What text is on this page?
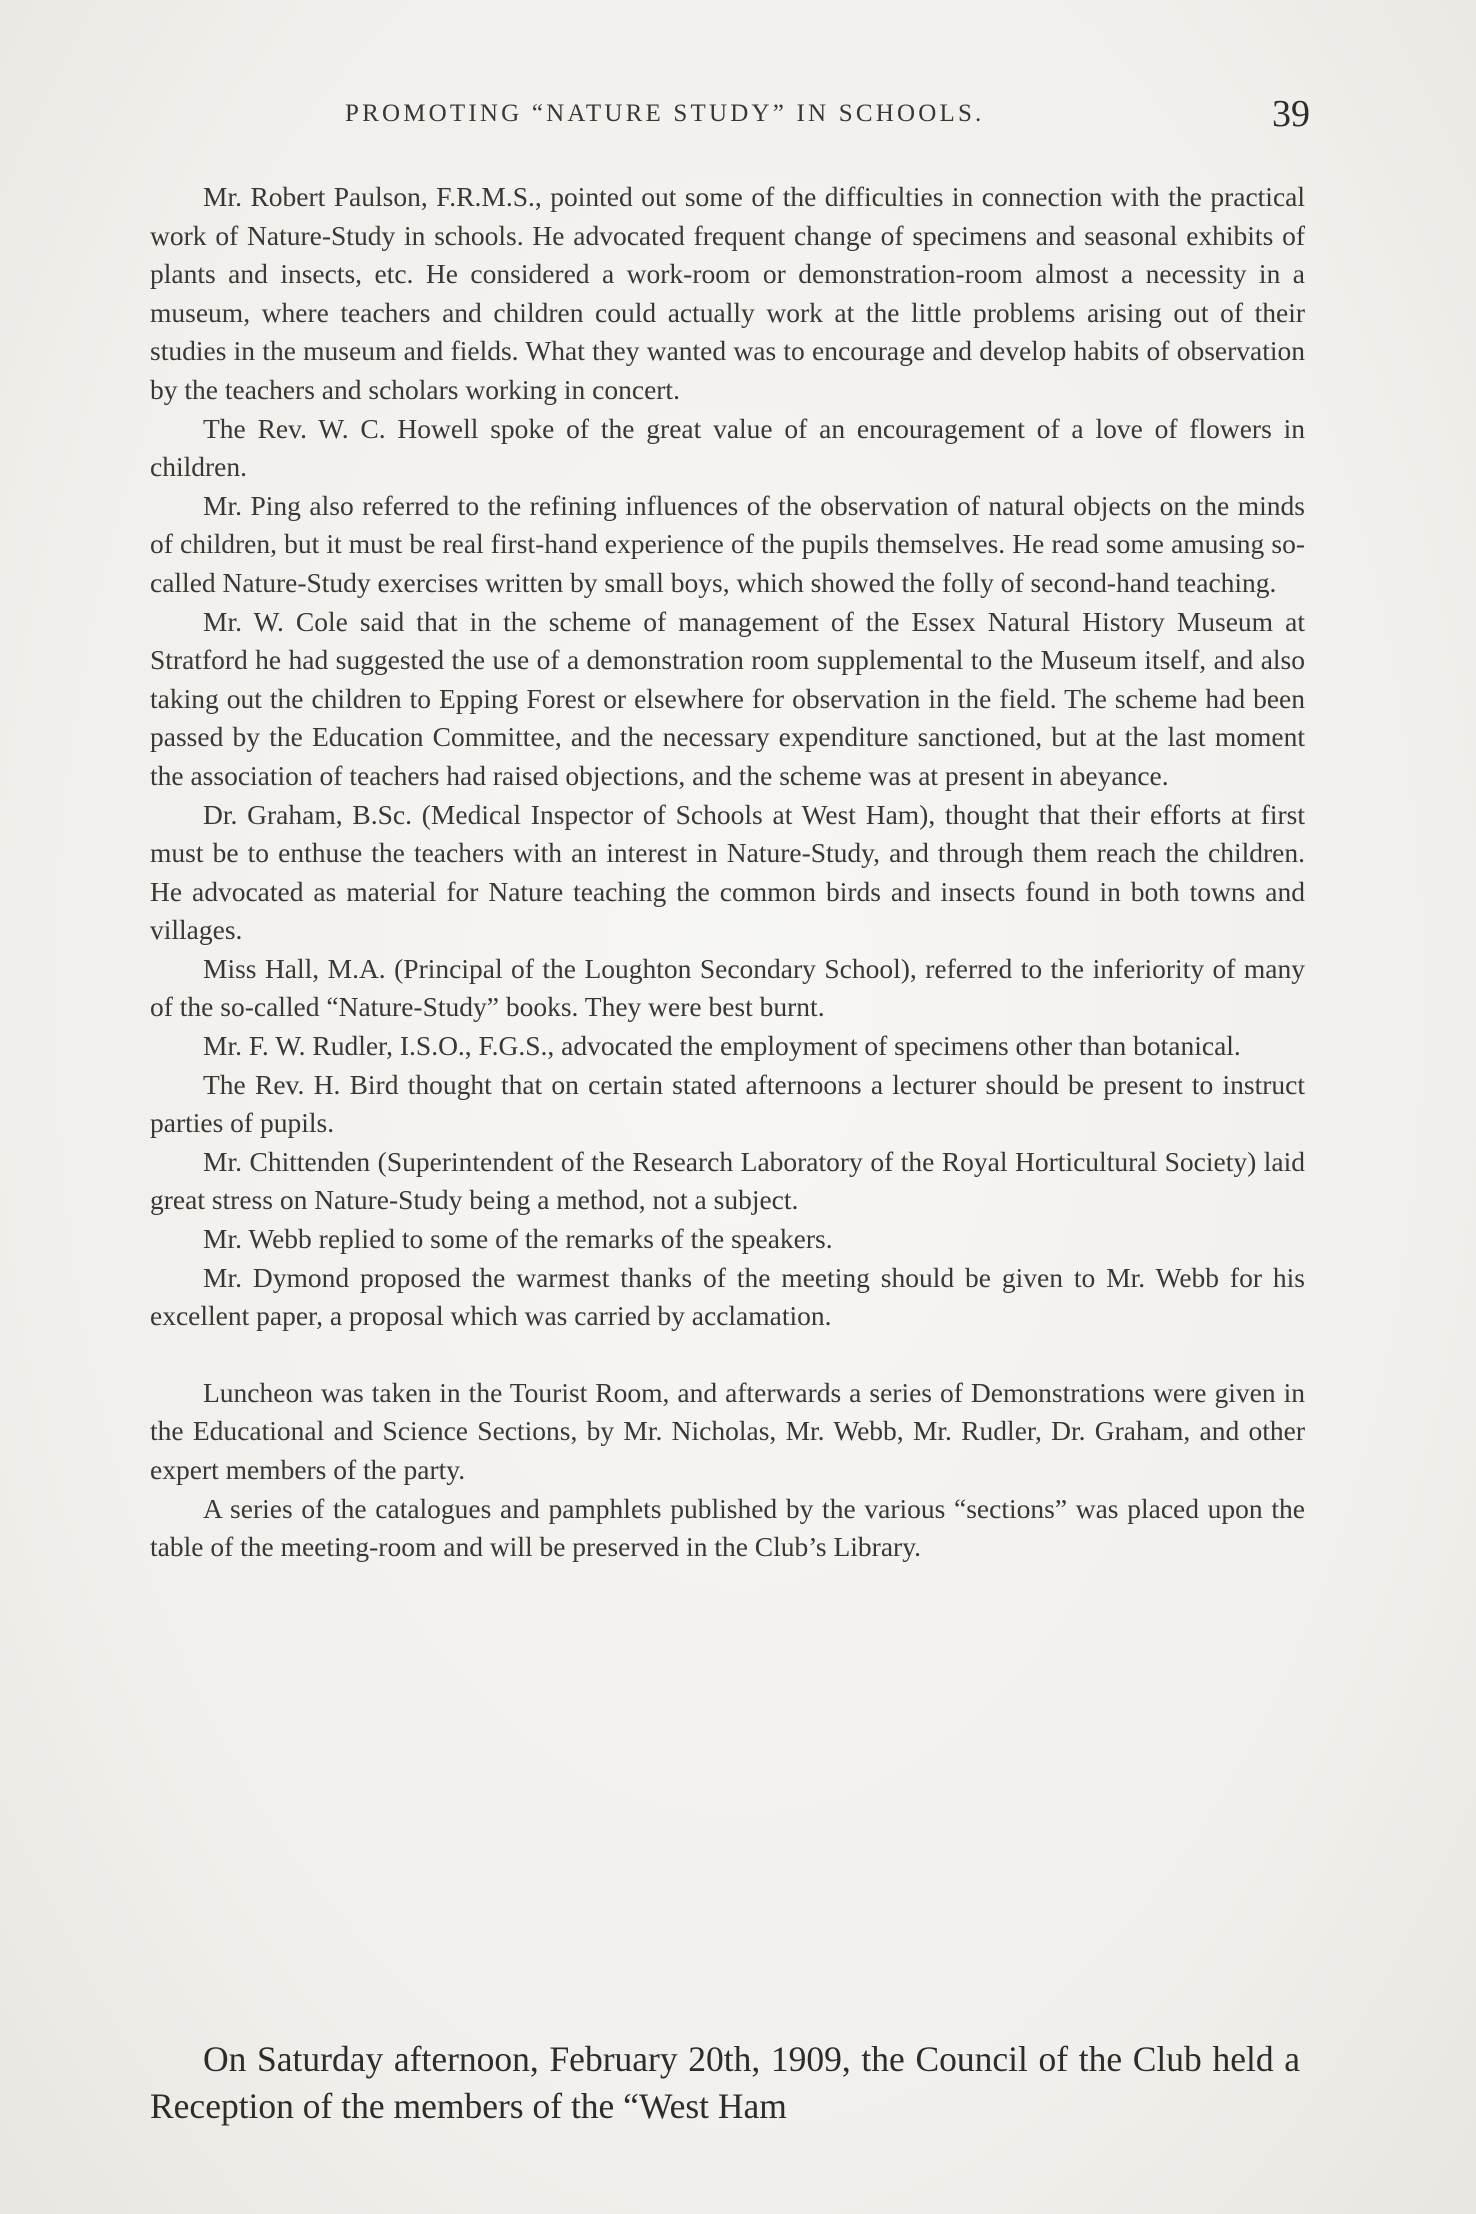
PROMOTING “NATURE STUDY” IN SCHOOLS.	39

Mr. Robert Paulson, F.R.M.S., pointed out some of the difficulties in connection with the practical work of Nature-Study in schools. He advocated frequent change of specimens and seasonal exhibits of plants and insects, etc. He considered a work-room or demonstration-room almost a necessity in a museum, where teachers and children could actually work at the little problems arising out of their studies in the museum and fields. What they wanted was to encourage and develop habits of observation by the teachers and scholars working in concert.

The Rev. W. C. Howell spoke of the great value of an encouragement of a love of flowers in children.

Mr. Ping also referred to the refining influences of the observation of natural objects on the minds of children, but it must be real first-hand experience of the pupils themselves. He read some amusing so-called Nature-Study exercises written by small boys, which showed the folly of second-hand teaching.

Mr. W. Cole said that in the scheme of management of the Essex Natural History Museum at Stratford he had suggested the use of a demonstration room supplemental to the Museum itself, and also taking out the children to Epping Forest or elsewhere for observation in the field. The scheme had been passed by the Education Committee, and the necessary expenditure sanctioned, but at the last moment the association of teachers had raised objections, and the scheme was at present in abeyance.

Dr. Graham, B.Sc. (Medical Inspector of Schools at West Ham), thought that their efforts at first must be to enthuse the teachers with an interest in Nature-Study, and through them reach the children. He advocated as material for Nature teaching the common birds and insects found in both towns and villages.

Miss Hall, M.A. (Principal of the Loughton Secondary School), referred to the inferiority of many of the so-called “Nature-Study” books. They were best burnt.

Mr. F. W. Rudler, I.S.O., F.G.S., advocated the employment of specimens other than botanical.

The Rev. H. Bird thought that on certain stated afternoons a lecturer should be present to instruct parties of pupils.

Mr. Chittenden (Superintendent of the Research Laboratory of the Royal Horticultural Society) laid great stress on Nature-Study being a method, not a subject.

Mr. Webb replied to some of the remarks of the speakers.

Mr. Dymond proposed the warmest thanks of the meeting should be given to Mr. Webb for his excellent paper, a proposal which was carried by acclamation.

Luncheon was taken in the Tourist Room, and afterwards a series of Demonstrations were given in the Educational and Science Sections, by Mr. Nicholas, Mr. Webb, Mr. Rudler, Dr. Graham, and other expert members of the party.

A series of the catalogues and pamphlets published by the various “sections” was placed upon the table of the meeting-room and will be preserved in the Club’s Library.

On Saturday afternoon, February 20th, 1909, the Council of the Club held a Reception of the members of the “West Ham
